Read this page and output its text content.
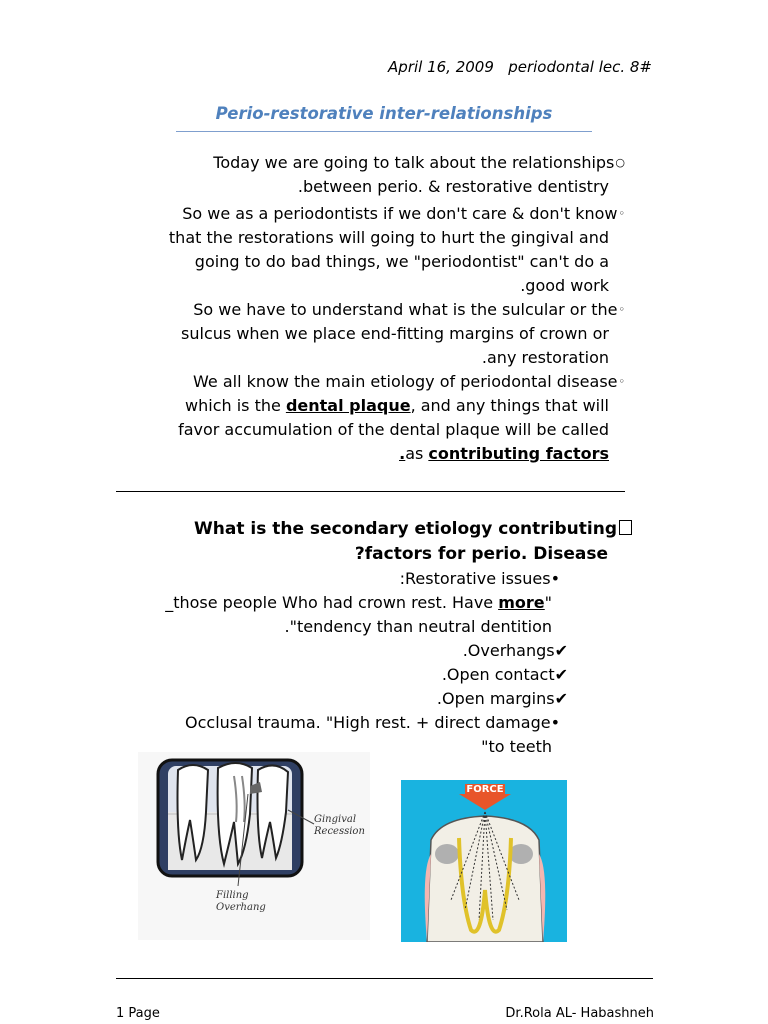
April 16, 2009 periodontal lec. 8#
Perio-restorative inter-relationships
Today we are going to talk about the relationships○
.between perio. & restorative dentistry
So we as a periodontists if we don't care & don't know◦
that the restorations will going to hurt the gingival and
going to do bad things, we "periodontist" can't do a
.good work
So we have to understand what is the sulcular or the◦
sulcus when we place end-fitting margins of crown or
.any restoration
We all know the main etiology of periodontal disease◦
which is the dental plaque, and any things that will
favor accumulation of the dental plaque will be called
.as contributing factors
What is the secondary etiology contributing
?factors for perio. Disease
:Restorative issues•
_those people Who had crown rest. Have more"
."tendency than neutral dentition
.Overhangs✔
.Open contact✔
.Open margins✔
Occlusal trauma. "High rest. + direct damage•
"to teeth
Gingival
Recession
Filling
Overhang
FORCE
1 Page	Dr.Rola AL- Habashneh
